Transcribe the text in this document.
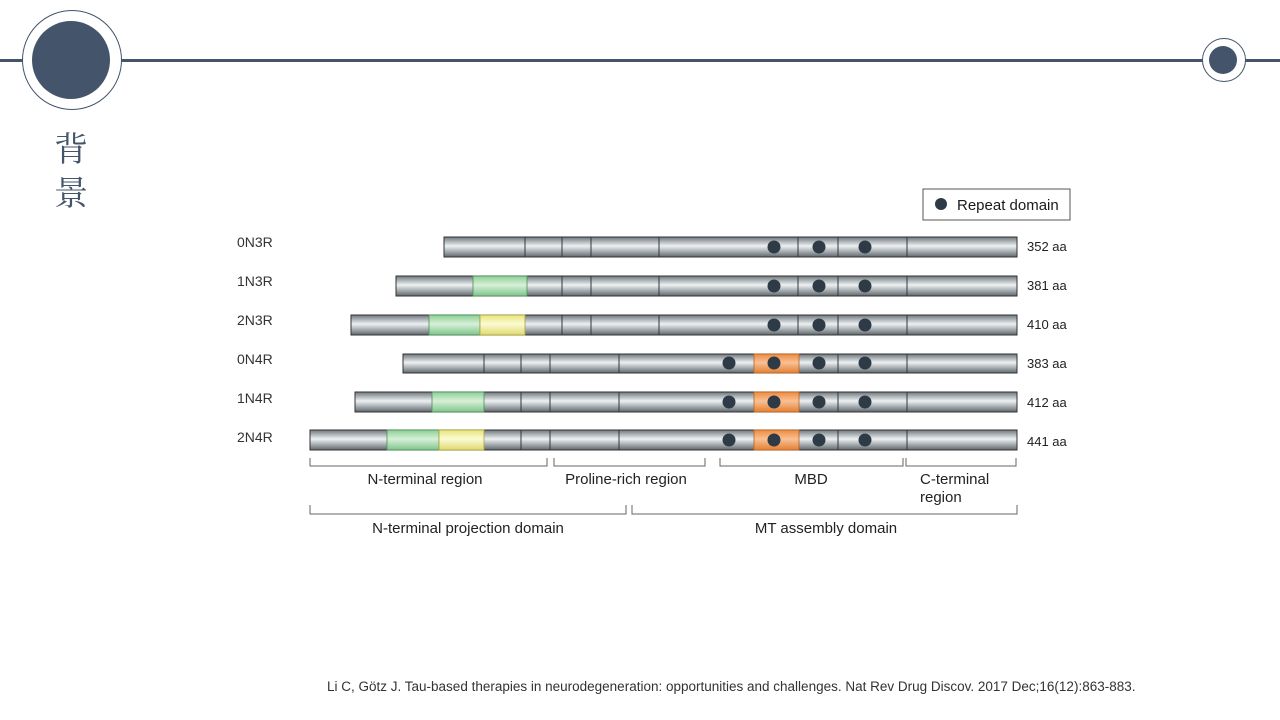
背
景	Repeat domain
0N3R	352 aa
1N3R	381 aa
2N3R	410 aa
0N4R	383 aa
1N4R	412 aa
2N4R	441 aa
N-terminal region	Proline-rich region	MBD	C-terminal
region
N-terminal projection domain	MT assembly domain
Li C, Götz J. Tau-based therapies in neurodegeneration: opportunities and challenges. Nat Rev Drug Discov. 2017 Dec;16(12):863-883.
